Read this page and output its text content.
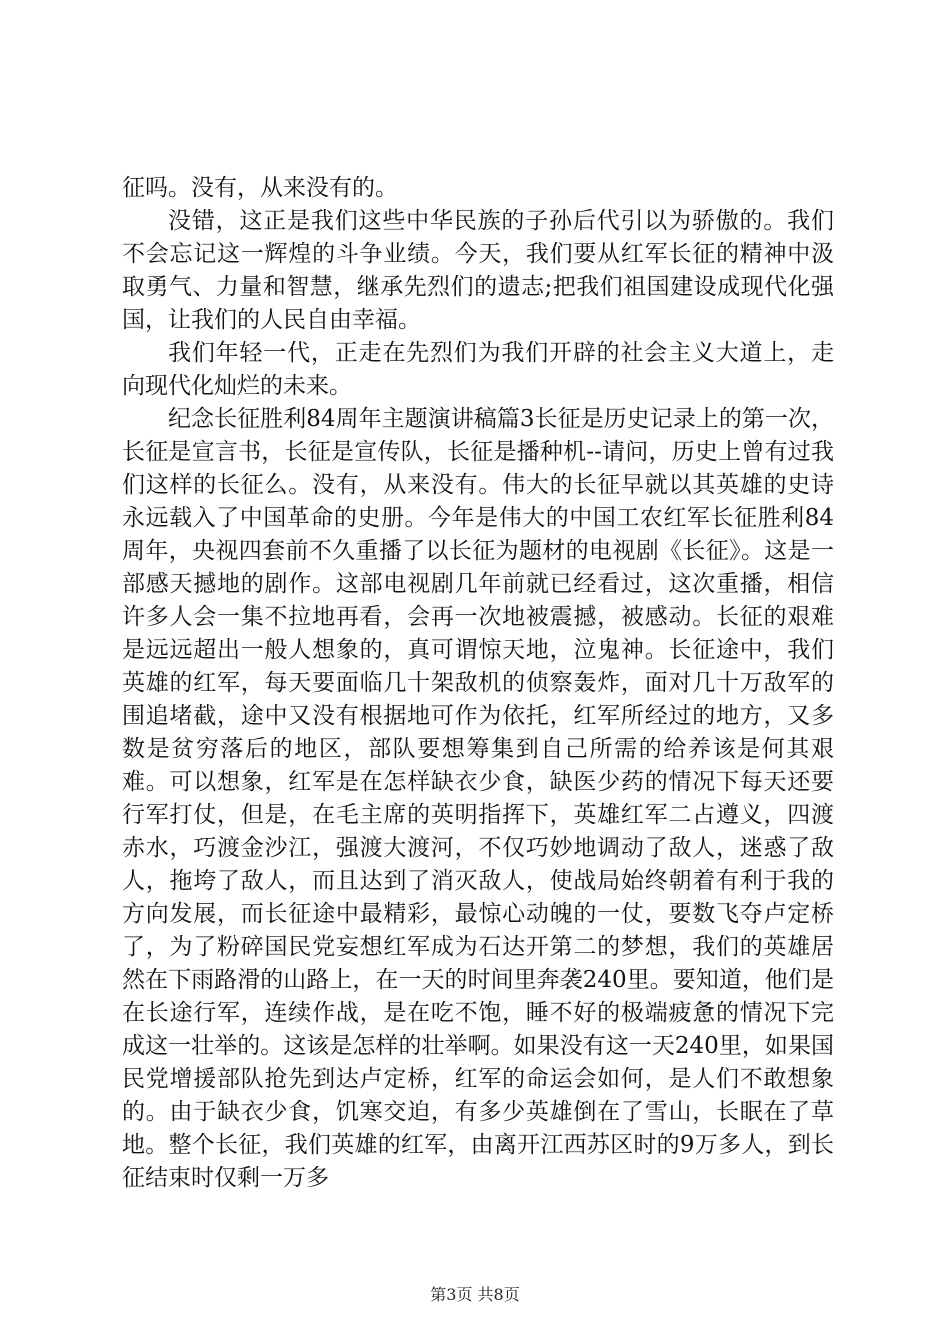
征吗。没有，从来没有的。

没错，这正是我们这些中华民族的子孙后代引以为骄傲的。我们不会忘记这一辉煌的斗争业绩。今天，我们要从红军长征的精神中汲取勇气、力量和智慧，继承先烈们的遗志;把我们祖国建设成现代化强国，让我们的人民自由幸福。

我们年轻一代，正走在先烈们为我们开辟的社会主义大道上，走向现代化灿烂的未来。

纪念长征胜利84周年主题演讲稿篇3长征是历史记录上的第一次，长征是宣言书，长征是宣传队，长征是播种机--请问，历史上曾有过我们这样的长征么。没有，从来没有。伟大的长征早就以其英雄的史诗永远载入了中国革命的史册。今年是伟大的中国工农红军长征胜利84周年，央视四套前不久重播了以长征为题材的电视剧《长征》。这是一部感天撼地的剧作。这部电视剧几年前就已经看过，这次重播，相信许多人会一集不拉地再看，会再一次地被震撼，被感动。长征的艰难是远远超出一般人想象的，真可谓惊天地，泣鬼神。长征途中，我们英雄的红军，每天要面临几十架敌机的侦察轰炸，面对几十万敌军的围追堵截，途中又没有根据地可作为依托，红军所经过的地方，又多数是贫穷落后的地区，部队要想筹集到自己所需的给养该是何其艰难。可以想象，红军是在怎样缺衣少食，缺医少药的情况下每天还要行军打仗，但是，在毛主席的英明指挥下，英雄红军二占遵义，四渡赤水，巧渡金沙江，强渡大渡河，不仅巧妙地调动了敌人，迷惑了敌人，拖垮了敌人，而且达到了消灭敌人，使战局始终朝着有利于我的方向发展，而长征途中最精彩，最惊心动魄的一仗，要数飞夺卢定桥了，为了粉碎国民党妄想红军成为石达开第二的梦想，我们的英雄居然在下雨路滑的山路上，在一天的时间里奔袭240里。要知道，他们是在长途行军，连续作战，是在吃不饱，睡不好的极端疲惫的情况下完成这一壮举的。这该是怎样的壮举啊。如果没有这一天240里，如果国民党增援部队抢先到达卢定桥，红军的命运会如何，是人们不敢想象的。由于缺衣少食，饥寒交迫，有多少英雄倒在了雪山，长眠在了草地。整个长征，我们英雄的红军，由离开江西苏区时的9万多人，到长征结束时仅剩一万多

第3页 共8页
